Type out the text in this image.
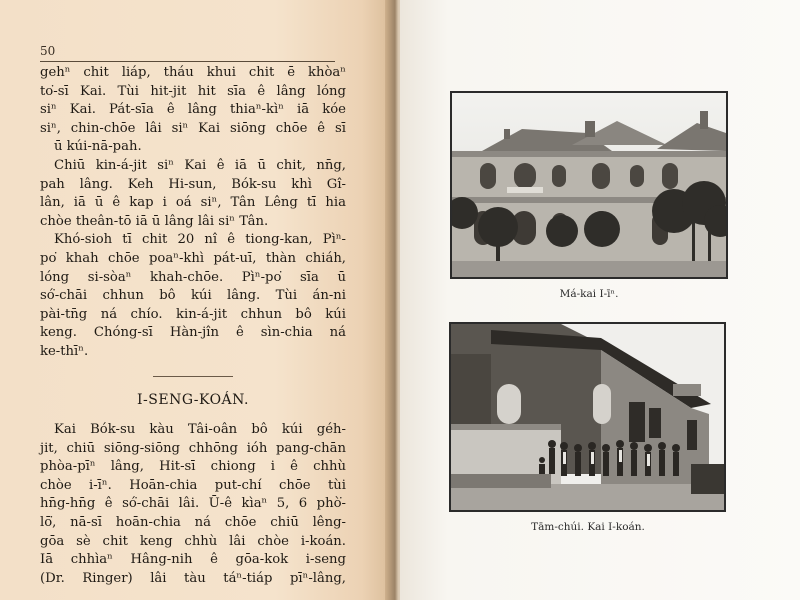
50
gehⁿ chit liáp, tháu khui chit ē khòaⁿ
to͘-sī Kai. Tùi hit-jit hit sīa ê lâng lóng
siⁿ Kai. Pát-sīa ê lâng thiaⁿ-kìⁿ iā kóe
siⁿ, chin-chōe lâi siⁿ Kai siōng chōe ê sī
ū kúi-nā-pah.
Chiū kin-á-jit siⁿ Kai ê iā ū chit, nn̄g,
pah lâng. Keh Hi-sun, Bók-su khì Gî-
lân, iā ū ê kap i oá siⁿ, Tân Lêng tī hia
chòe theân-tō iā ū lâng lâi siⁿ Tân.
Khó-sioh tī chit 20 nî ê tiong-kan, Pìⁿ-
po͘ khah chōe poaⁿ-khì pát-uī, thàn chiáh,
lóng si-sòaⁿ khah-chōe. Pìⁿ-po͘ sīa ū
só͘-chāi chhun bô kúi lâng. Tùi án-ni
pài-tn̄g ná chío. kin-á-jit chhun bô kúi
keng. Chóng-sī Hàn-jîn ê sìn-chia ná
ke-thīⁿ.
I-SENG-KOÁN.
Kai Bók-su kàu Tâi-oân bô kúi géh-
jit, chiū siōng-siōng chhōng ióh pang-chān
phòa-pīⁿ lâng, Hit-sī chiong i ê chhù
chòe i-īⁿ. Hoān-chia put-chí chōe tùi
hn̄g-hn̄g ê só͘-chāi lâi. Ū-ê kìaⁿ 5, 6 phò͘-
lō͘, nā-sī hoān-chia ná chōe chiū lêng-
gōa sè chit keng chhù lâi chòe i-koán.
Iā chhìaⁿ Hâng-nih ê gōa-kok i-seng
(Dr. Ringer) lâi tàu táⁿ-tiáp pīⁿ-lâng,
Má-kai I-īⁿ.
Tām-chúi. Kai I-koán.
